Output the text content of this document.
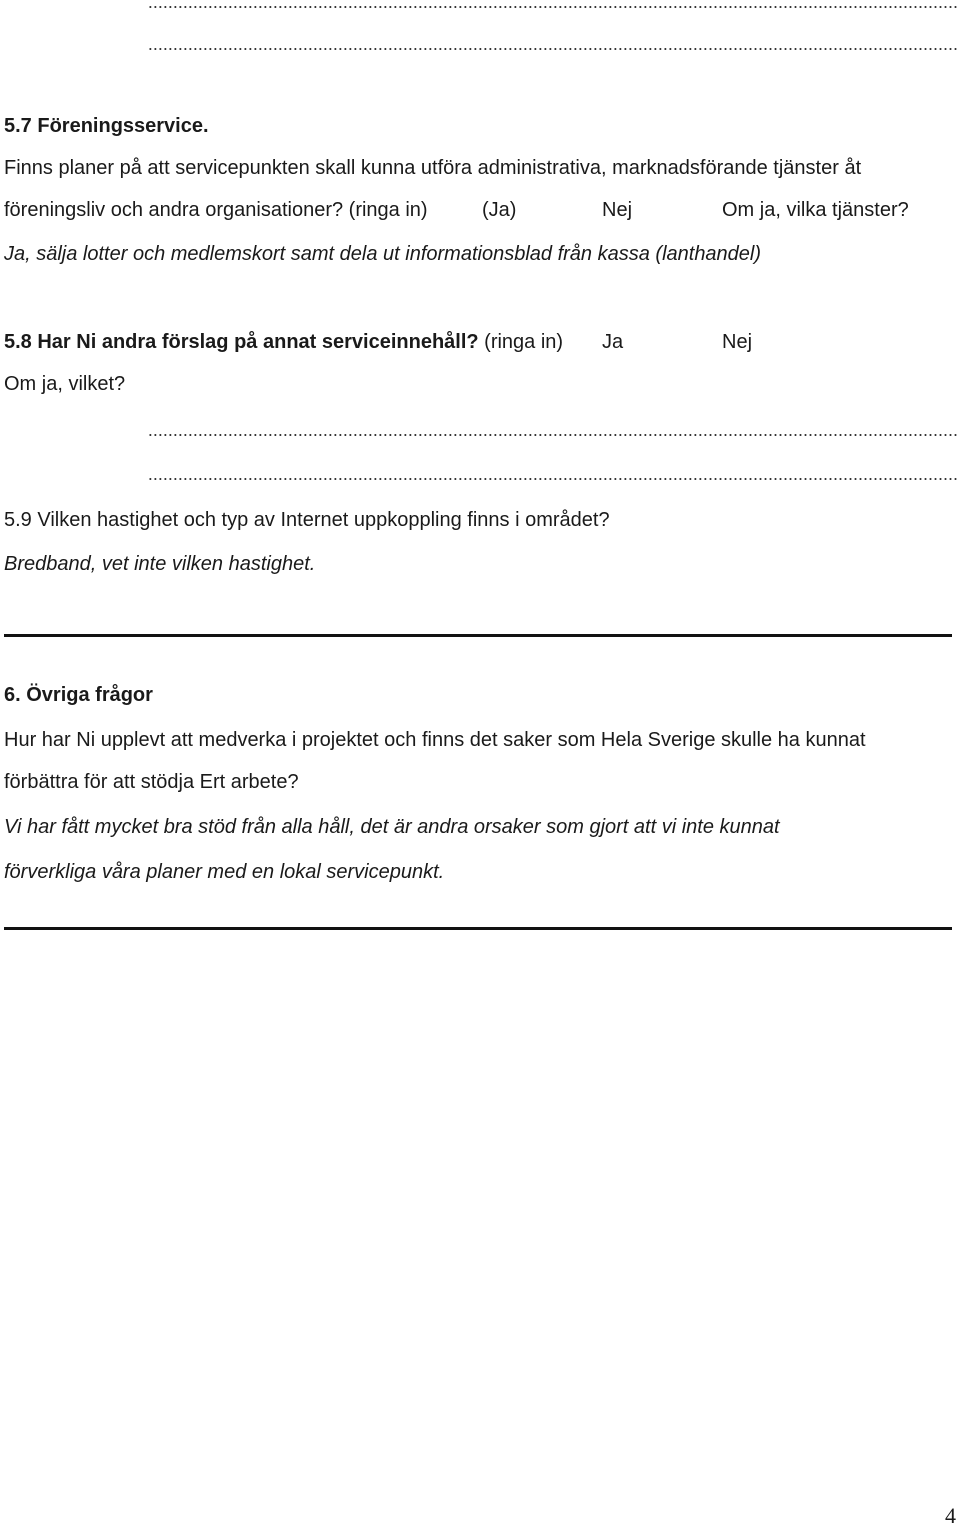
..................................................................................................................................................................
..................................................................................................................................................................
5.7 Föreningsservice.
Finns planer på att servicepunkten skall kunna utföra administrativa, marknadsförande tjänster åt
föreningsliv och andra organisationer? (ringa in)	(Ja)	Nej	Om ja, vilka tjänster?
Ja, sälja lotter och medlemskort samt dela ut informationsblad från kassa (lanthandel)
5.8 Har Ni andra förslag på annat serviceinnehåll? (ringa in) Ja	Nej
Om ja, vilket?
..................................................................................................................................................................
..................................................................................................................................................................
5.9 Vilken hastighet och typ av Internet uppkoppling finns i området?
Bredband, vet inte vilken hastighet.
6. Övriga frågor
Hur har Ni upplevt att medverka i projektet och finns det saker som Hela Sverige skulle ha kunnat
förbättra för att stödja Ert arbete?
Vi har fått mycket bra stöd från alla håll, det är andra orsaker som gjort att vi inte kunnat
förverkliga våra planer med en lokal servicepunkt.
4
